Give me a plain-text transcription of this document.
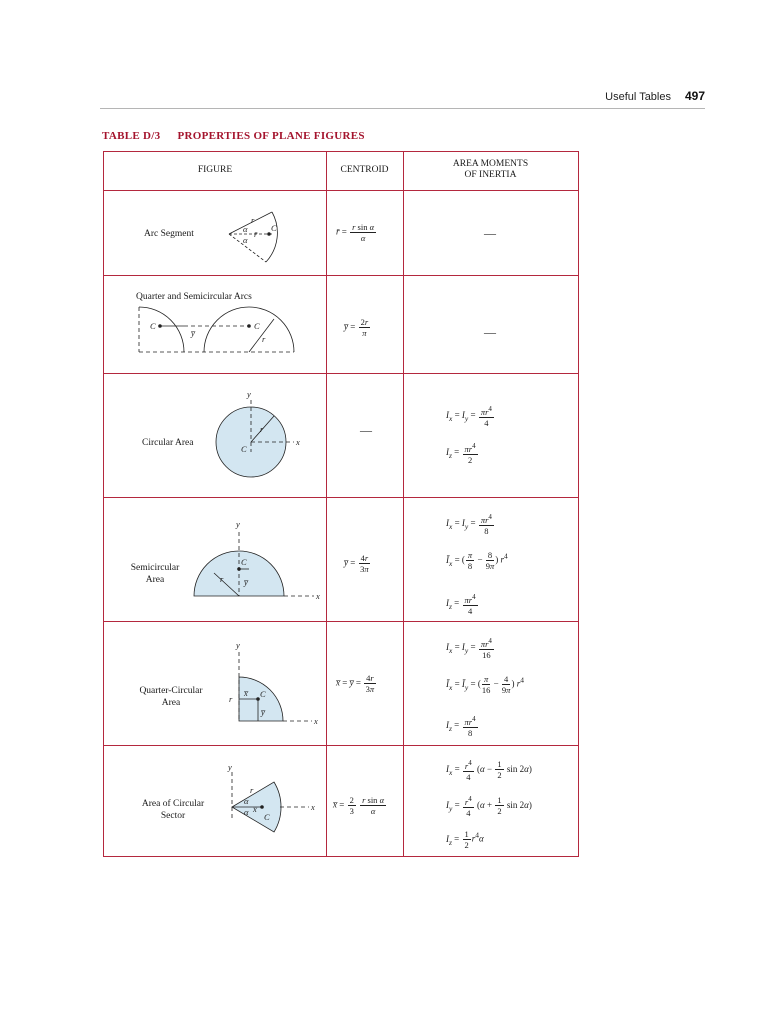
Useful Tables 497
TABLE D/3 PROPERTIES OF PLANE FIGURES
FIGURE	CENTROID
AREA MOMENTS
OF INERTIA
α
α
r̄
r
C
C	C
y̅
r
y
x
C
r
y
x
C
y̅
r
y
x
C
x̅
y̅
r
y
x
α
α x̅
r
C
Arc Segment
Quarter and Semicircular Arcs
Circular Area
Semicircular
Area
Quarter-Circular
Area
Area of Circular
Sector
r̄ = $\frac{\text{r sin α}}{\alpha}$
y̅ = $\frac{2r}{\pi}$
—
y̅ = $\frac{4r}{3\pi}$
x̅ = y̅ = $\frac{4r}{3\pi}$
x̅ = $\frac{2}{3}$
$\frac{\text{r sin α}}{\alpha}$
—
—
$I_x = I_y = \frac{\pi r^4}{4}$
$I_z = \frac{\pi r^4}{2}$
$I_x = I_y = \frac{\pi r^4}{8}$
$Ī_x$ = ( $\frac{\pi}{8} - \frac{8}{9\pi}$ ) $r^4$
$I_z = \frac{\pi r^4}{4}$
$I_x = I_y = \frac{\pi r^4}{16}$
$Ī_x$ = $Ī_y$ = ( $\frac{\pi}{16} - \frac{4}{9\pi}$ ) $r^4$
$I_z = \frac{\pi r^4}{8}$
$I_x = \frac{r^4}{4} (\alpha - \frac{1}{2}$ sin 2α)
$I_y = \frac{r^4}{4} (\alpha + \frac{1}{2}$ sin 2α)
$I_z = \frac{1}{2} r^4\alpha$
